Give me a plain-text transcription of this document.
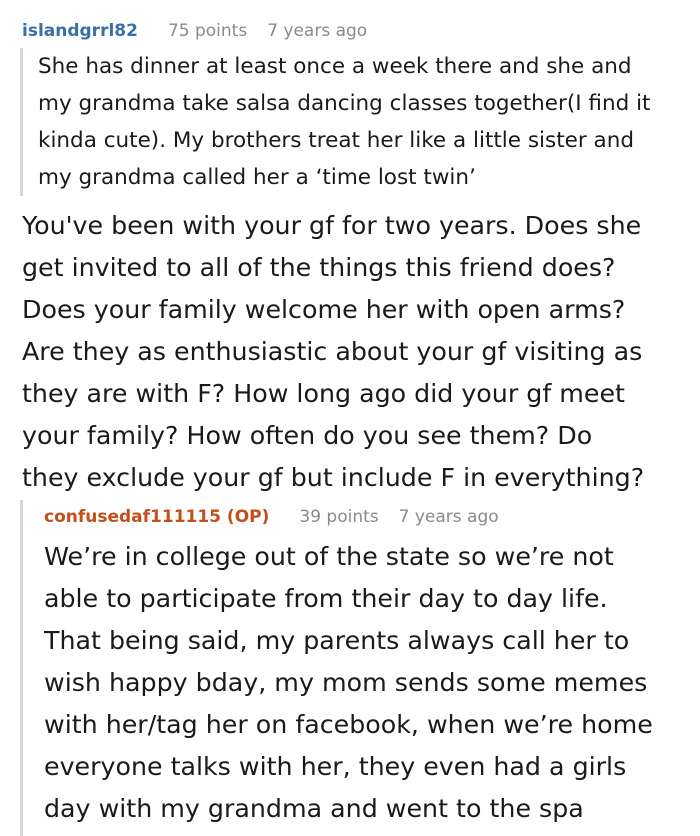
islandgrrl82 75 points 7 years ago

She has dinner at least once a week there and she and
my grandma take salsa dancing classes together(I find it
kinda cute). My brothers treat her like a little sister and
my grandma called her a ‘time lost twin’

You've been with your gf for two years. Does she
get invited to all of the things this friend does?
Does your family welcome her with open arms?
Are they as enthusiastic about your gf visiting as
they are with F? How long ago did your gf meet
your family? How often do you see them? Do
they exclude your gf but include F in everything?

confusedaf111115 (OP) 39 points 7 years ago

We’re in college out of the state so we’re not
able to participate from their day to day life.
That being said, my parents always call her to
wish happy bday, my mom sends some memes
with her/tag her on facebook, when we’re home
everyone talks with her, they even had a girls
day with my grandma and went to the spa
